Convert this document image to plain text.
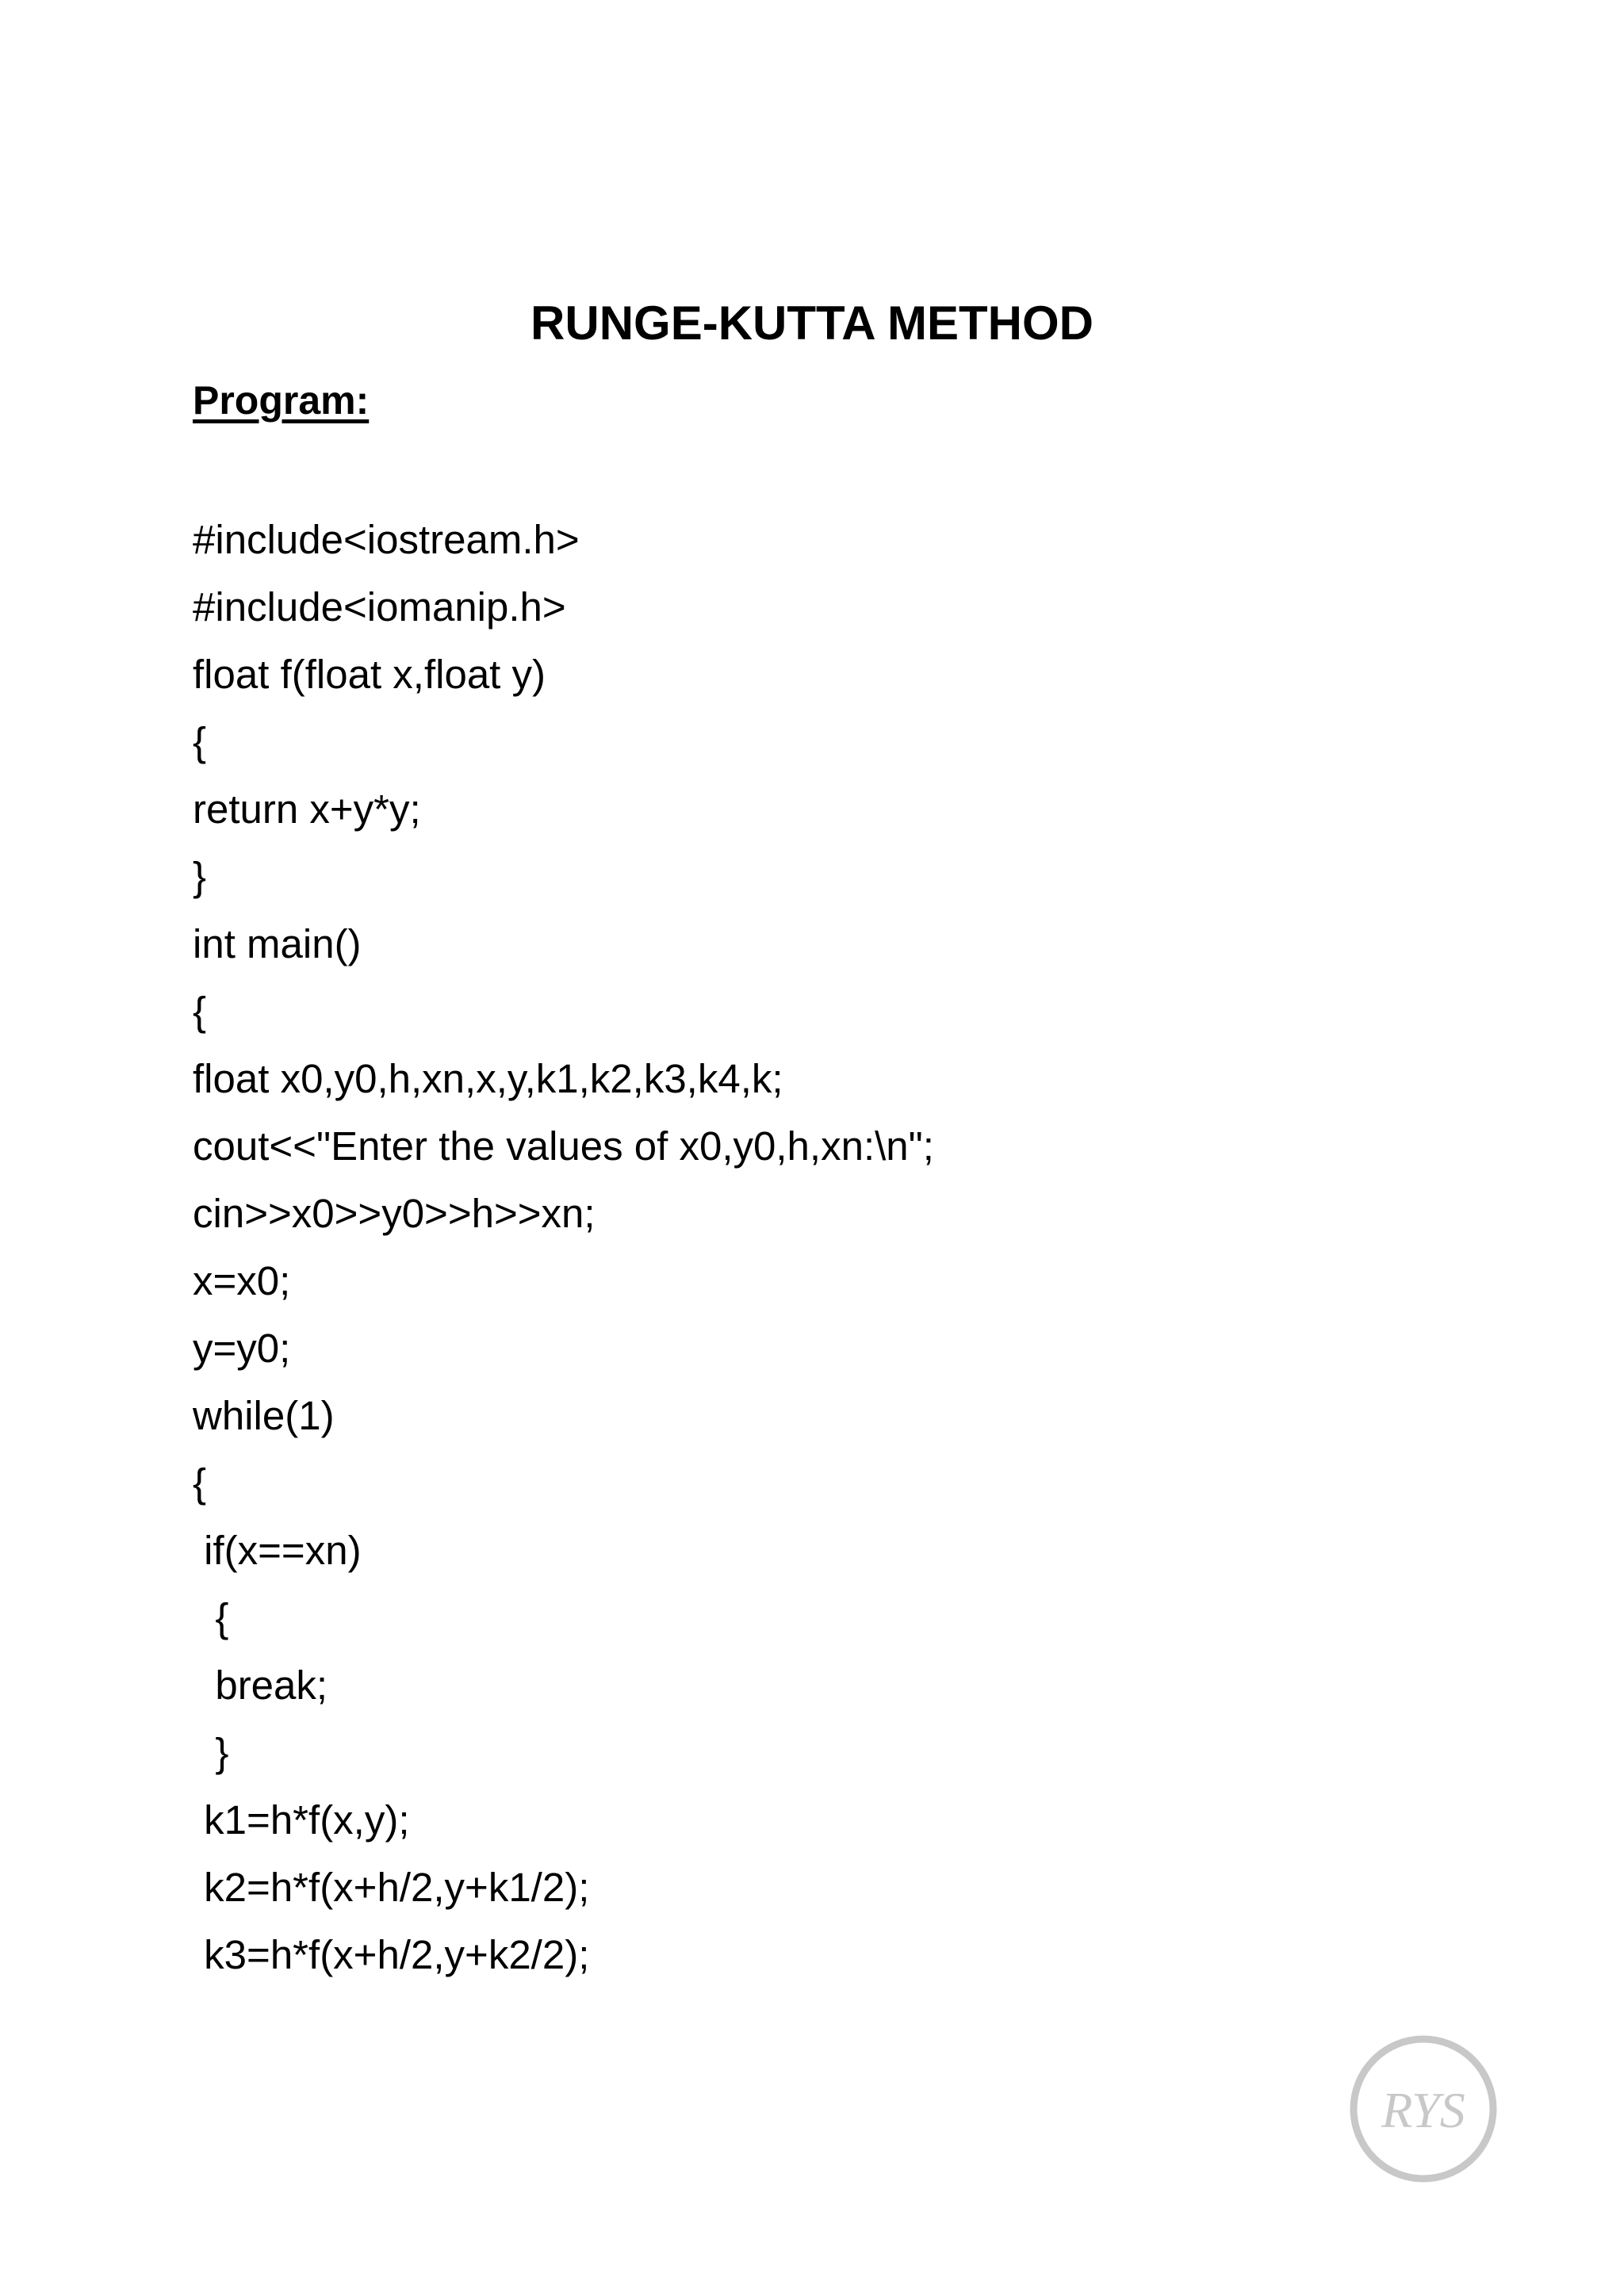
RUNGE-KUTTA METHOD
Program:
#include<iostream.h>
#include<iomanip.h>
float f(float x,float y)
{
return x+y*y;
}
int main()
{
float x0,y0,h,xn,x,y,k1,k2,k3,k4,k;
cout<<"Enter the values of x0,y0,h,xn:\n";
cin>>x0>>y0>>h>>xn;
x=x0;
y=y0;
while(1)
{
if(x==xn)
{
break;
}
k1=h*f(x,y);
k2=h*f(x+h/2,y+k1/2);
k3=h*f(x+h/2,y+k2/2);
RYS
